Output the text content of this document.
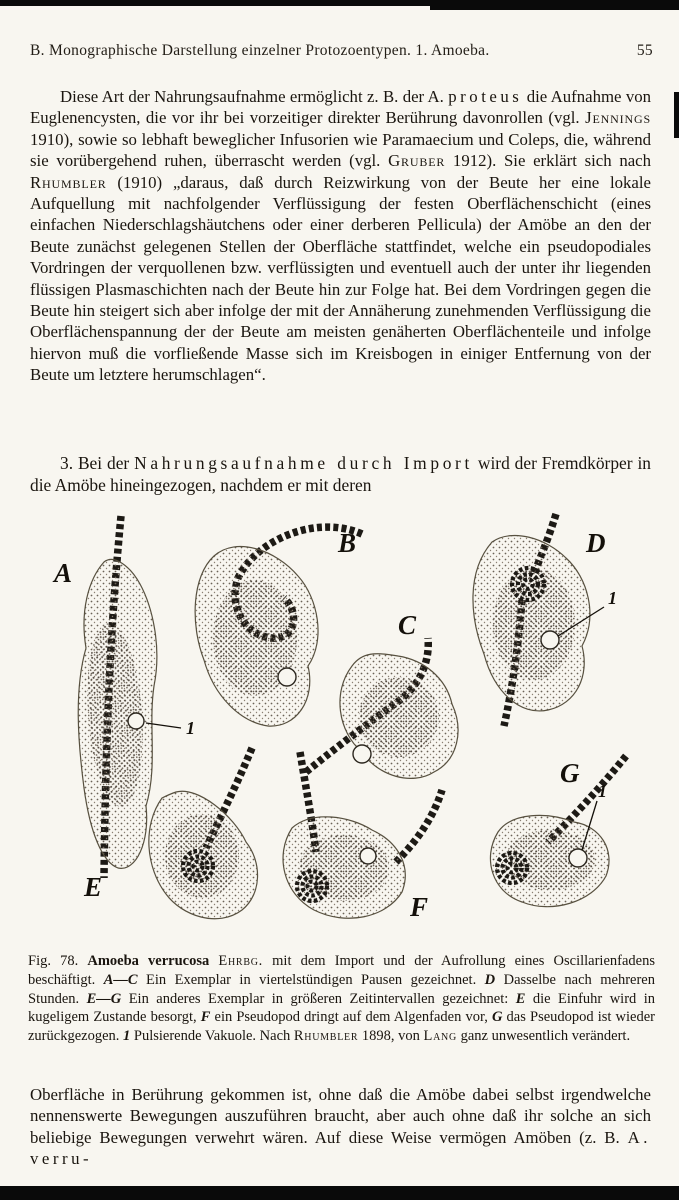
B. Monographische Darstellung einzelner Protozoentypen. 1. Amoeba.	55

Diese Art der Nahrungsaufnahme ermöglicht z. B. der A. proteus die Aufnahme von Euglenencysten, die vor ihr bei vorzeitiger direkter Berührung davonrollen (vgl. Jennings 1910), sowie so lebhaft beweglicher Infusorien wie Paramaecium und Coleps, die, während sie vorübergehend ruhen, überrascht werden (vgl. Gruber 1912). Sie erklärt sich nach Rhumbler (1910) „daraus, daß durch Reizwirkung von der Beute her eine lokale Aufquellung mit nachfolgender Verflüssigung der festen Oberflächenschicht (eines einfachen Niederschlagshäutchens oder einer derberen Pellicula) der Amöbe an den der Beute zunächst gelegenen Stellen der Oberfläche stattfindet, welche ein pseudopodiales Vordringen der verquollenen bzw. verflüssigten und eventuell auch der unter ihr liegenden flüssigen Plasmaschichten nach der Beute hin zur Folge hat. Bei dem Vordringen gegen die Beute hin steigert sich aber infolge der mit der Annäherung zunehmenden Verflüssigung die Oberflächenspannung der der Beute am meisten genäherten Oberflächenteile und infolge hiervon muß die vorfließende Masse sich im Kreisbogen in einiger Entfernung von der Beute um letztere herumschlagen“.

3. Bei der Nahrungsaufnahme durch Import wird der Fremdkörper in die Amöbe hineingezogen, nachdem er mit deren

1
A
B
C
1
D
E
F
1
G

Fig. 78. Amoeba verrucosa Ehrbg. mit dem Import und der Aufrollung eines Oscillarienfadens beschäftigt. A—C Ein Exemplar in viertelstündigen Pausen gezeichnet. D Dasselbe nach mehreren Stunden. E—G Ein anderes Exemplar in größeren Zeitintervallen gezeichnet: E die Einfuhr wird in kugeligem Zustande besorgt, F ein Pseudopod dringt auf dem Algenfaden vor, G das Pseudopod ist wieder zurückgezogen. 1 Pulsierende Vakuole. Nach Rhumbler 1898, von Lang ganz unwesentlich verändert.

Oberfläche in Berührung gekommen ist, ohne daß die Amöbe dabei selbst irgendwelche nennenswerte Bewegungen auszuführen braucht, aber auch ohne daß ihr solche an sich beliebige Bewegungen verwehrt wären. Auf diese Weise vermögen Amöben (z. B. A. verru-
